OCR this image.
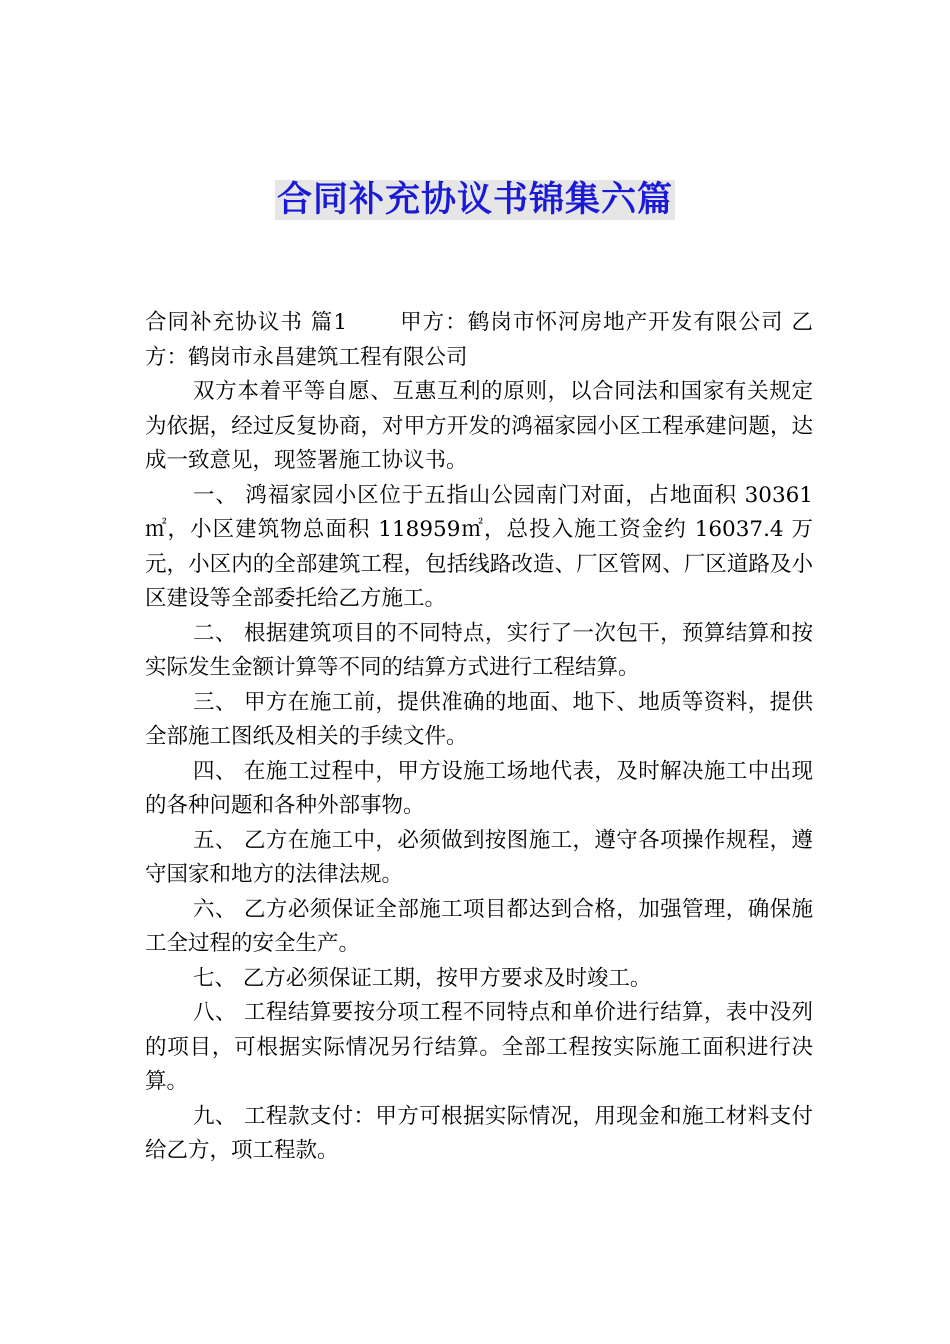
合同补充协议书锦集六篇

合同补充协议书 篇1 甲方：鹤岗市怀河房地产开发有限公司 乙方：鹤岗市永昌建筑工程有限公司

双方本着平等自愿、互惠互利的原则，以合同法和国家有关规定为依据，经过反复协商，对甲方开发的鸿福家园小区工程承建问题，达成一致意见，现签署施工协议书。

一、 鸿福家园小区位于五指山公园南门对面，占地面积 30361㎡，小区建筑物总面积 118959㎡，总投入施工资金约 16037.4 万元，小区内的全部建筑工程，包括线路改造、厂区管网、厂区道路及小区建设等全部委托给乙方施工。

二、 根据建筑项目的不同特点，实行了一次包干，预算结算和按实际发生金额计算等不同的结算方式进行工程结算。

三、 甲方在施工前，提供准确的地面、地下、地质等资料，提供全部施工图纸及相关的手续文件。

四、 在施工过程中，甲方设施工场地代表，及时解决施工中出现的各种问题和各种外部事物。

五、 乙方在施工中，必须做到按图施工，遵守各项操作规程，遵守国家和地方的法律法规。

六、 乙方必须保证全部施工项目都达到合格，加强管理，确保施工全过程的安全生产。

七、 乙方必须保证工期，按甲方要求及时竣工。

八、 工程结算要按分项工程不同特点和单价进行结算，表中没列的项目，可根据实际情况另行结算。全部工程按实际施工面积进行决算。

九、 工程款支付：甲方可根据实际情况，用现金和施工材料支付给乙方，项工程款。
